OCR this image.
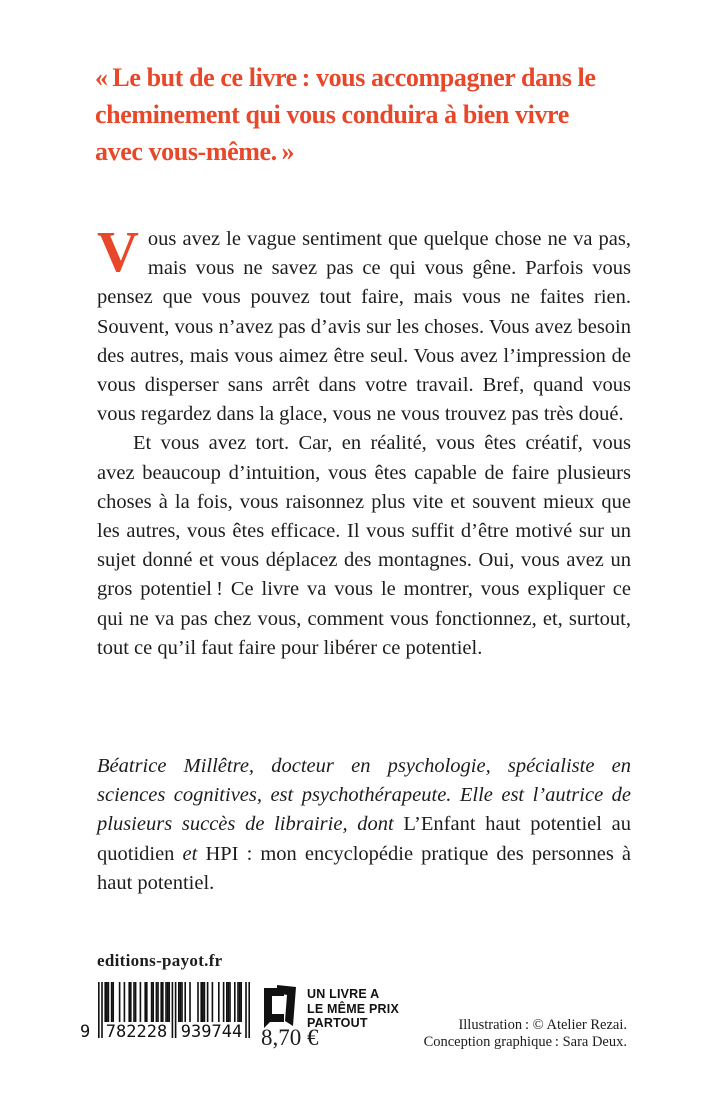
« Le but de ce livre : vous accompagner dans le
cheminement qui vous conduira à bien vivre
avec vous-même. »

Vous avez le vague sentiment que quelque chose ne va pas, mais vous ne savez pas ce qui vous gêne. Parfois vous pensez que vous pouvez tout faire, mais vous ne faites rien. Souvent, vous n’avez pas d’avis sur les choses. Vous avez besoin des autres, mais vous aimez être seul. Vous avez l’impression de vous disperser sans arrêt dans votre travail. Bref, quand vous vous regardez dans la glace, vous ne vous trouvez pas très doué.

Et vous avez tort. Car, en réalité, vous êtes créatif, vous avez beaucoup d’intuition, vous êtes capable de faire plusieurs choses à la fois, vous raisonnez plus vite et souvent mieux que les autres, vous êtes efficace. Il vous suffit d’être motivé sur un sujet donné et vous déplacez des montagnes. Oui, vous avez un gros potentiel ! Ce livre va vous le montrer, vous expliquer ce qui ne va pas chez vous, comment vous fonctionnez, et, surtout, tout ce qu’il faut faire pour libérer ce potentiel.

Béatrice Millêtre, docteur en psychologie, spécialiste en sciences cognitives, est psychothérapeute. Elle est l’autrice de plusieurs succès de librairie, dont L’Enfant haut potentiel au quotidien et HPI : mon encyclopédie pratique des personnes à haut potentiel.

editions-payot.fr
9 782228 939744
UN LIVRE A
LE MÊME PRIX
PARTOUT
8,70 €	Illustration : © Atelier Rezai.
Conception graphique : Sara Deux.
